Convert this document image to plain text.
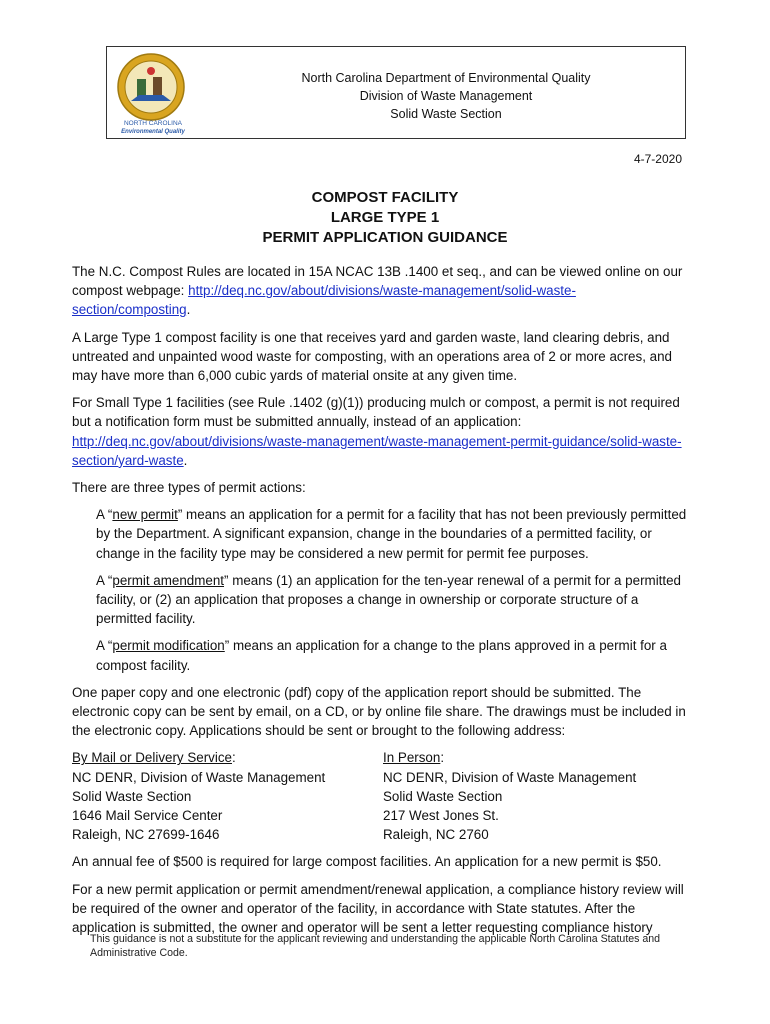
NORTH CAROLINA
Environmental Quality
North Carolina Department of Environmental Quality
Division of Waste Management
Solid Waste Section
4-7-2020
COMPOST FACILITY
LARGE TYPE 1
PERMIT APPLICATION GUIDANCE

The N.C. Compost Rules are located in 15A NCAC 13B .1400 et seq., and can be viewed online on our compost webpage: http://deq.nc.gov/about/divisions/waste-management/solid-waste-section/composting.

A Large Type 1 compost facility is one that receives yard and garden waste, land clearing debris, and untreated and unpainted wood waste for composting, with an operations area of 2 or more acres, and may have more than 6,000 cubic yards of material onsite at any given time.

For Small Type 1 facilities (see Rule .1402 (g)(1)) producing mulch or compost, a permit is not required but a notification form must be submitted annually, instead of an application: http://deq.nc.gov/about/divisions/waste-management/waste-management-permit-guidance/solid-waste-section/yard-waste.

There are three types of permit actions:

A “new permit” means an application for a permit for a facility that has not been previously permitted by the Department. A significant expansion, change in the boundaries of a permitted facility, or change in the facility type may be considered a new permit for permit fee purposes.

A “permit amendment” means (1) an application for the ten-year renewal of a permit for a permitted facility, or (2) an application that proposes a change in ownership or corporate structure of a permitted facility.

A “permit modification” means an application for a change to the plans approved in a permit for a compost facility.

One paper copy and one electronic (pdf) copy of the application report should be submitted. The electronic copy can be sent by email, on a CD, or by online file share. The drawings must be included in the electronic copy. Applications should be sent or brought to the following address:

By Mail or Delivery Service:
NC DENR, Division of Waste Management
Solid Waste Section
1646 Mail Service Center
Raleigh, NC 27699-1646
In Person:
NC DENR, Division of Waste Management
Solid Waste Section
217 West Jones St.
Raleigh, NC 2760

An annual fee of $500 is required for large compost facilities. An application for a new permit is $50.

For a new permit application or permit amendment/renewal application, a compliance history review will be required of the owner and operator of the facility, in accordance with State statutes. After the application is submitted, the owner and operator will be sent a letter requesting compliance history

This guidance is not a substitute for the applicant reviewing and understanding the applicable North Carolina Statutes and Administrative Code.
